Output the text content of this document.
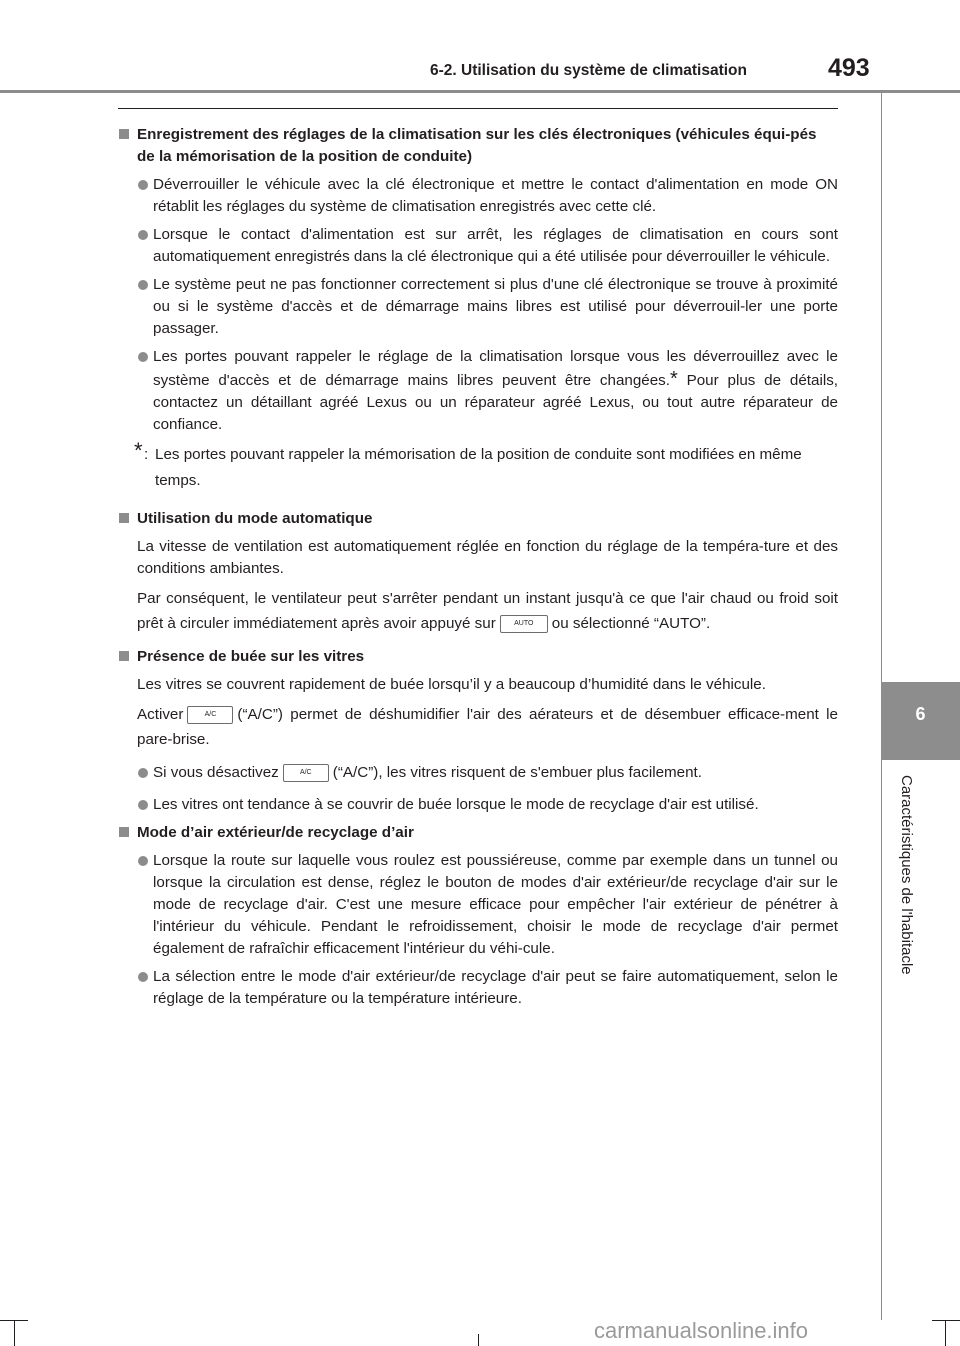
6-2. Utilisation du système de climatisation	493
6
Caractéristiques de l'habitacle

Enregistrement des réglages de la climatisation sur les clés électroniques (véhicules équi-pés de la mémorisation de la position de conduite)

Déverrouiller le véhicule avec la clé électronique et mettre le contact d'alimentation en mode ON rétablit les réglages du système de climatisation enregistrés avec cette clé.

Lorsque le contact d'alimentation est sur arrêt, les réglages de climatisation en cours sont automatiquement enregistrés dans la clé électronique qui a été utilisée pour déverrouiller le véhicule.

Le système peut ne pas fonctionner correctement si plus d'une clé électronique se trouve à proximité ou si le système d'accès et de démarrage mains libres est utilisé pour déverrouil-ler une porte passager.

Les portes pouvant rappeler le réglage de la climatisation lorsque vous les déverrouillez avec le système d'accès et de démarrage mains libres peuvent être changées.* Pour plus de détails, contactez un détaillant agréé Lexus ou un réparateur agréé Lexus, ou tout autre réparateur de confiance.

* : Les portes pouvant rappeler la mémorisation de la position de conduite sont modifiées en même temps.

Utilisation du mode automatique

La vitesse de ventilation est automatiquement réglée en fonction du réglage de la tempéra-ture et des conditions ambiantes.

Par conséquent, le ventilateur peut s'arrêter pendant un instant jusqu'à ce que l'air chaud ou froid soit prêt à circuler immédiatement après avoir appuyé sur	AUTO ou sélectionné “AUTO”.

Présence de buée sur les vitres

Les vitres se couvrent rapidement de buée lorsqu’il y a beaucoup d’humidité dans le véhicule.

Activer	A/C (“A/C”) permet de déshumidifier l'air des aérateurs et de désembuer efficace-ment le pare-brise.

Si vous désactivez	A/C (“A/C”), les vitres risquent de s'embuer plus facilement.

Les vitres ont tendance à se couvrir de buée lorsque le mode de recyclage d'air est utilisé.

Mode d’air extérieur/de recyclage d’air

Lorsque la route sur laquelle vous roulez est poussiéreuse, comme par exemple dans un tunnel ou lorsque la circulation est dense, réglez le bouton de modes d'air extérieur/de recyclage d'air sur le mode de recyclage d'air. C'est une mesure efficace pour empêcher l'air extérieur de pénétrer à l'intérieur du véhicule. Pendant le refroidissement, choisir le mode de recyclage d'air permet également de rafraîchir efficacement l'intérieur du véhi-cule.

La sélection entre le mode d'air extérieur/de recyclage d'air peut se faire automatiquement, selon le réglage de la température ou la température intérieure.

carmanualsonline.info
